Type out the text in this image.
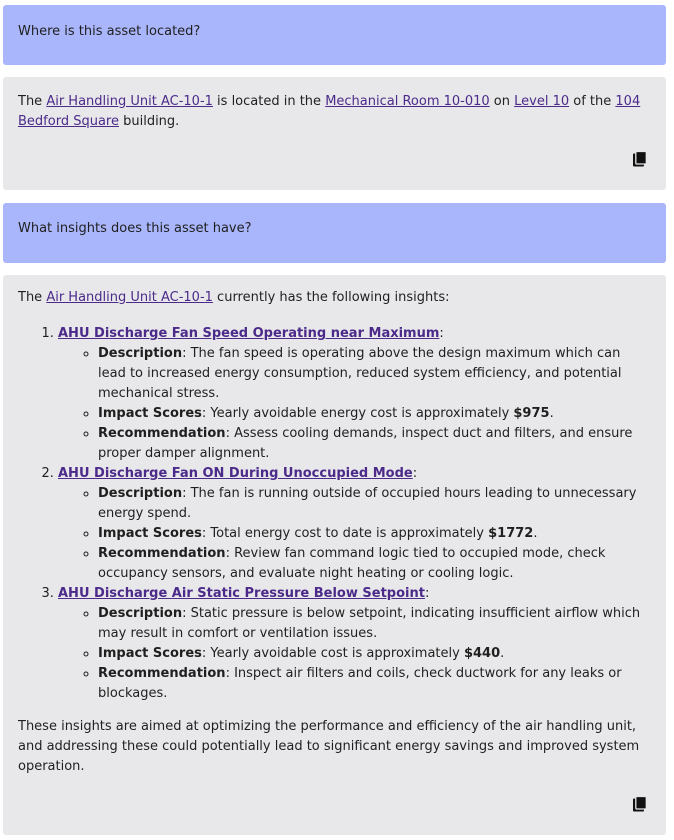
Where is this asset located?

The Air Handling Unit AC-10-1 is located in the Mechanical Room 10-010 on Level 10 of the 104 Bedford Square building.

What insights does this asset have?

The Air Handling Unit AC-10-1 currently has the following insights:

1. AHU Discharge Fan Speed Operating near Maximum:
◦ Description: The fan speed is operating above the design maximum which can lead to increased energy consumption, reduced system efficiency, and potential mechanical stress.
◦ Impact Scores: Yearly avoidable energy cost is approximately $975.
◦ Recommendation: Assess cooling demands, inspect duct and filters, and ensure proper damper alignment.
2. AHU Discharge Fan ON During Unoccupied Mode:
◦ Description: The fan is running outside of occupied hours leading to unnecessary energy spend.
◦ Impact Scores: Total energy cost to date is approximately $1772.
◦ Recommendation: Review fan command logic tied to occupied mode, check occupancy sensors, and evaluate night heating or cooling logic.
3. AHU Discharge Air Static Pressure Below Setpoint:
◦ Description: Static pressure is below setpoint, indicating insufficient airflow which may result in comfort or ventilation issues.
◦ Impact Scores: Yearly avoidable cost is approximately $440.
◦ Recommendation: Inspect air filters and coils, check ductwork for any leaks or blockages.

These insights are aimed at optimizing the performance and efficiency of the air handling unit, and addressing these could potentially lead to significant energy savings and improved system operation.
